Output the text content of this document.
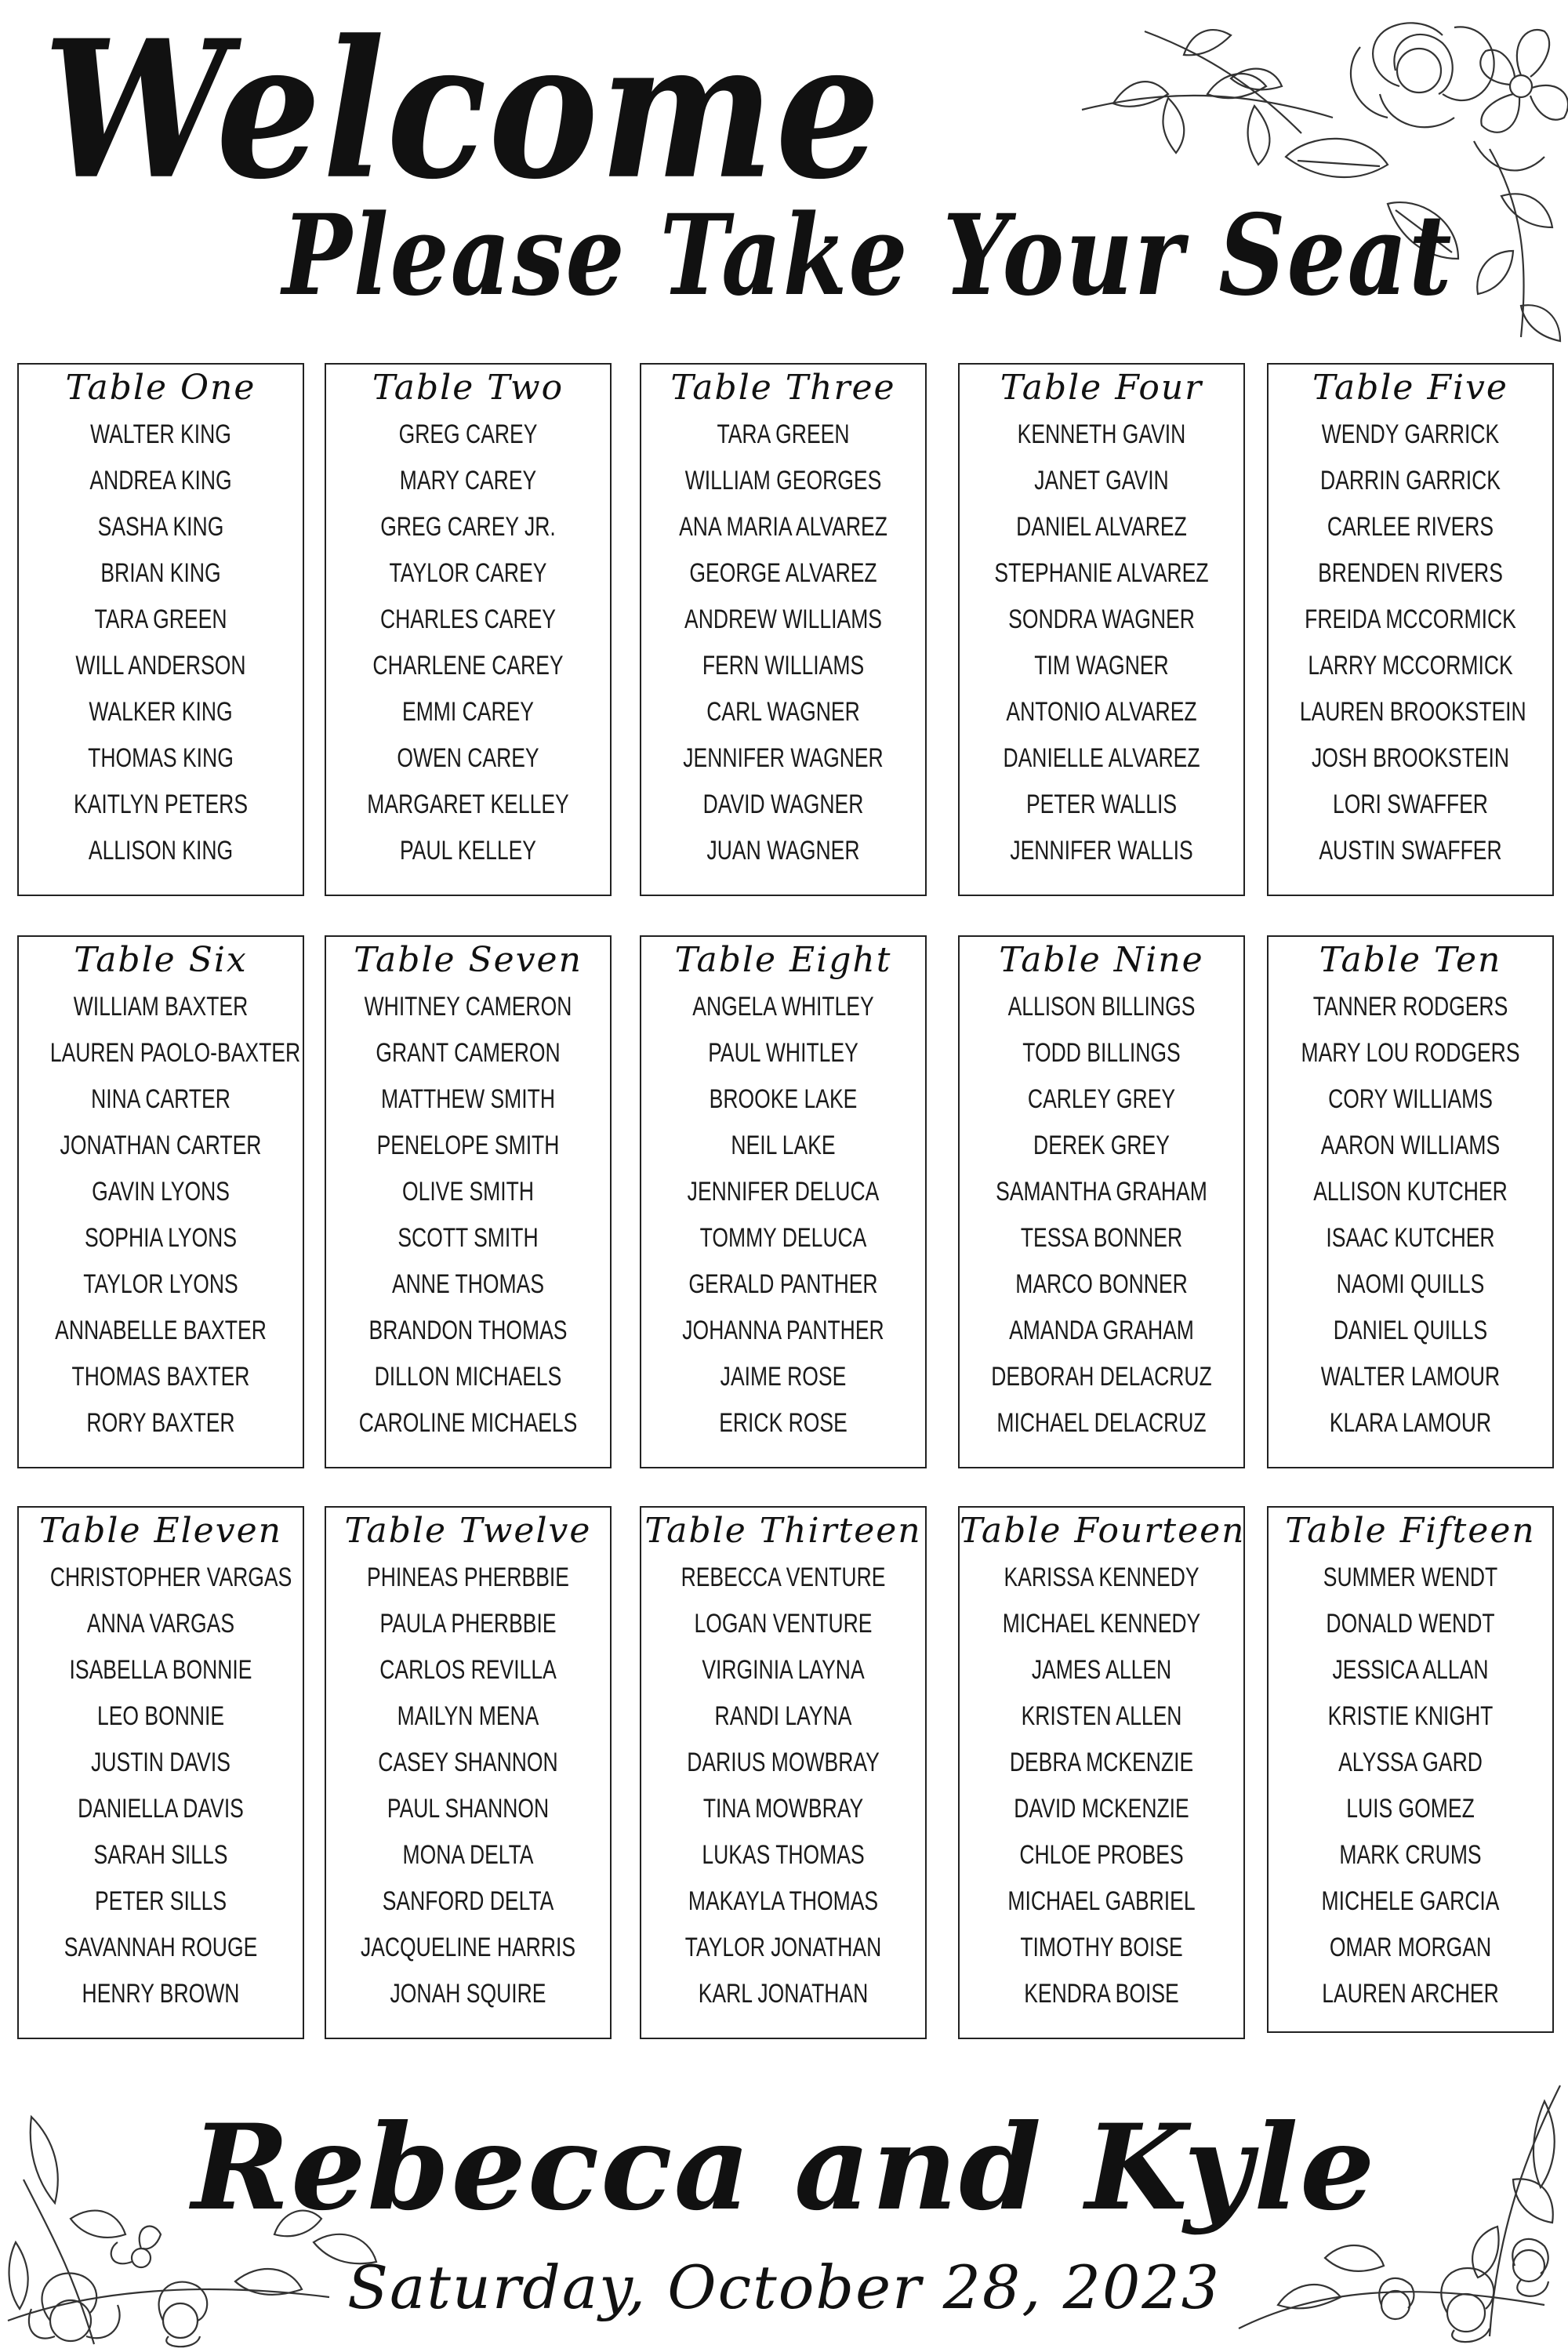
Welcome
Please Take Your Seat
Table One
WALTER KING
ANDREA KING
SASHA KING
BRIAN KING
TARA GREEN
WILL ANDERSON
WALKER KING
THOMAS KING
KAITLYN PETERS
ALLISON KING
Table Two
GREG CAREY
MARY CAREY
GREG CAREY JR.
TAYLOR CAREY
CHARLES CAREY
CHARLENE CAREY
EMMI CAREY
OWEN CAREY
MARGARET KELLEY
PAUL KELLEY
Table Three
TARA GREEN
WILLIAM GEORGES
ANA MARIA ALVAREZ
GEORGE ALVAREZ
ANDREW WILLIAMS
FERN WILLIAMS
CARL WAGNER
JENNIFER WAGNER
DAVID WAGNER
JUAN WAGNER
Table Four
KENNETH GAVIN
JANET GAVIN
DANIEL ALVAREZ
STEPHANIE ALVAREZ
SONDRA WAGNER
TIM WAGNER
ANTONIO ALVAREZ
DANIELLE ALVAREZ
PETER WALLIS
JENNIFER WALLIS
Table Five
WENDY GARRICK
DARRIN GARRICK
CARLEE RIVERS
BRENDEN RIVERS
FREIDA MCCORMICK
LARRY MCCORMICK
LAUREN BROOKSTEIN
JOSH BROOKSTEIN
LORI SWAFFER
AUSTIN SWAFFER
Table Six
WILLIAM BAXTER
LAUREN PAOLO-BAXTER
NINA CARTER
JONATHAN CARTER
GAVIN LYONS
SOPHIA LYONS
TAYLOR LYONS
ANNABELLE BAXTER
THOMAS BAXTER
RORY BAXTER
Table Seven
WHITNEY CAMERON
GRANT CAMERON
MATTHEW SMITH
PENELOPE SMITH
OLIVE SMITH
SCOTT SMITH
ANNE THOMAS
BRANDON THOMAS
DILLON MICHAELS
CAROLINE MICHAELS
Table Eight
ANGELA WHITLEY
PAUL WHITLEY
BROOKE LAKE
NEIL LAKE
JENNIFER DELUCA
TOMMY DELUCA
GERALD PANTHER
JOHANNA PANTHER
JAIME ROSE
ERICK ROSE
Table Nine
ALLISON BILLINGS
TODD BILLINGS
CARLEY GREY
DEREK GREY
SAMANTHA GRAHAM
TESSA BONNER
MARCO BONNER
AMANDA GRAHAM
DEBORAH DELACRUZ
MICHAEL DELACRUZ
Table Ten
TANNER RODGERS
MARY LOU RODGERS
CORY WILLIAMS
AARON WILLIAMS
ALLISON KUTCHER
ISAAC KUTCHER
NAOMI QUILLS
DANIEL QUILLS
WALTER LAMOUR
KLARA LAMOUR
Table Eleven
CHRISTOPHER VARGAS
ANNA VARGAS
ISABELLA BONNIE
LEO BONNIE
JUSTIN DAVIS
DANIELLA DAVIS
SARAH SILLS
PETER SILLS
SAVANNAH ROUGE
HENRY BROWN
Table Twelve
PHINEAS PHERBBIE
PAULA PHERBBIE
CARLOS REVILLA
MAILYN MENA
CASEY SHANNON
PAUL SHANNON
MONA DELTA
SANFORD DELTA
JACQUELINE HARRIS
JONAH SQUIRE
Table Thirteen
REBECCA VENTURE
LOGAN VENTURE
VIRGINIA LAYNA
RANDI LAYNA
DARIUS MOWBRAY
TINA MOWBRAY
LUKAS THOMAS
MAKAYLA THOMAS
TAYLOR JONATHAN
KARL JONATHAN
Table Fourteen
KARISSA KENNEDY
MICHAEL KENNEDY
JAMES ALLEN
KRISTEN ALLEN
DEBRA MCKENZIE
DAVID MCKENZIE
CHLOE PROBES
MICHAEL GABRIEL
TIMOTHY BOISE
KENDRA BOISE
Table Fifteen
SUMMER WENDT
DONALD WENDT
JESSICA ALLAN
KRISTIE KNIGHT
ALYSSA GARD
LUIS GOMEZ
MARK CRUMS
MICHELE GARCIA
OMAR MORGAN
LAUREN ARCHER
Rebecca and Kyle

Saturday, October 28, 2023
